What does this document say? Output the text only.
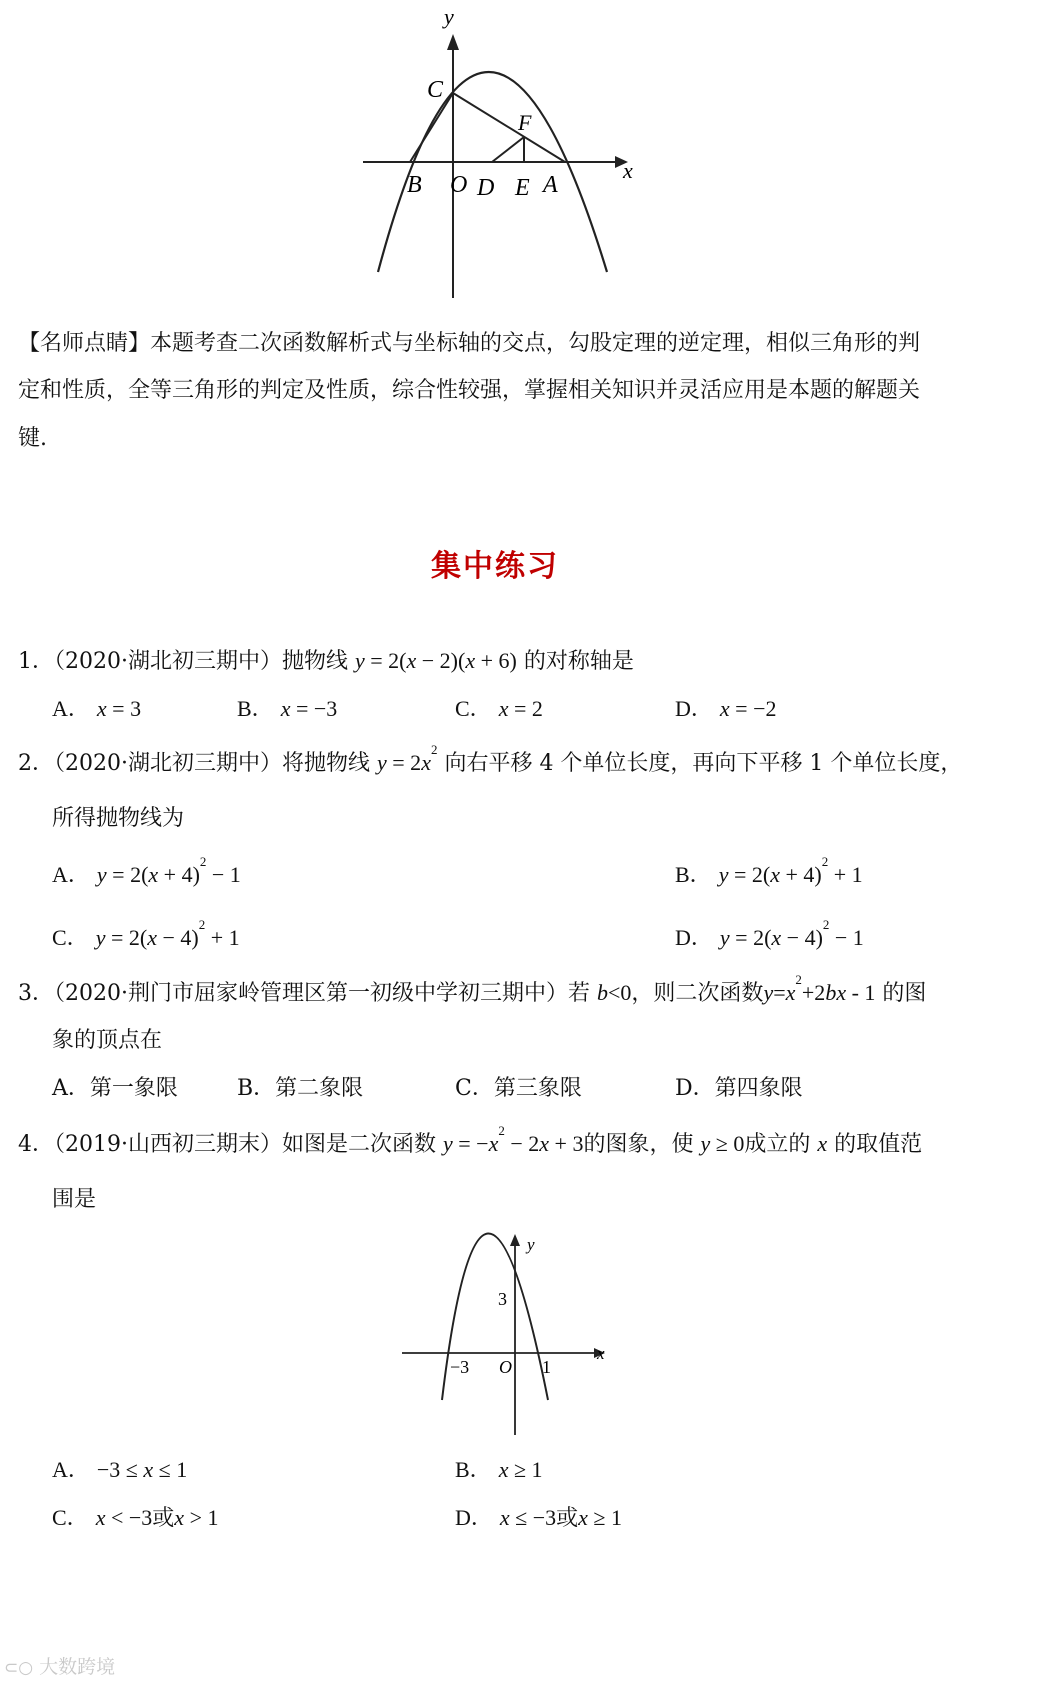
y
x
C
F
B O D E A
【名师点睛】本题考查二次函数解析式与坐标轴的交点，勾股定理的逆定理，相似三角形的判
定和性质，全等三角形的判定及性质，综合性较强，掌握相关知识并灵活应用是本题的解题关
键.
集中练习
1．（2020·湖北初三期中）抛物线 y = 2(x − 2)(x + 6) 的对称轴是
A． x = 3	B． x = −3	C． x = 2	D． x = −2
2．（2020·湖北初三期中）将抛物线 $y = 2x^2$ 向右平移 4 个单位长度，再向下平移 1 个单位长度，
所得抛物线为
A． $y = 2(x + 4)^2 - 1$	B． $y = 2(x + 4)^2 + 1$
C． $y = 2(x - 4)^2 + 1$	D． $y = 2(x - 4)^2 - 1$
3．（2020·荆门市屈家岭管理区第一初级中学初三期中）若 b<0，则二次函数$y=x^2+2bx - 1$ 的图
象的顶点在
A．第一象限	B．第二象限	C．第三象限	D．第四象限
4．（2019·山西初三期末）如图是二次函数 $y = -x^2 - 2x + 3$的图象，使 y ≥ 0成立的 x 的取值范
围是
y
x
3
−3 O 1
A． −3 ≤ x ≤ 1	B． x ≥ 1
C． x < −3或x > 1	D． x ≤ −3或x ≥ 1
⊂○ 大数跨境
